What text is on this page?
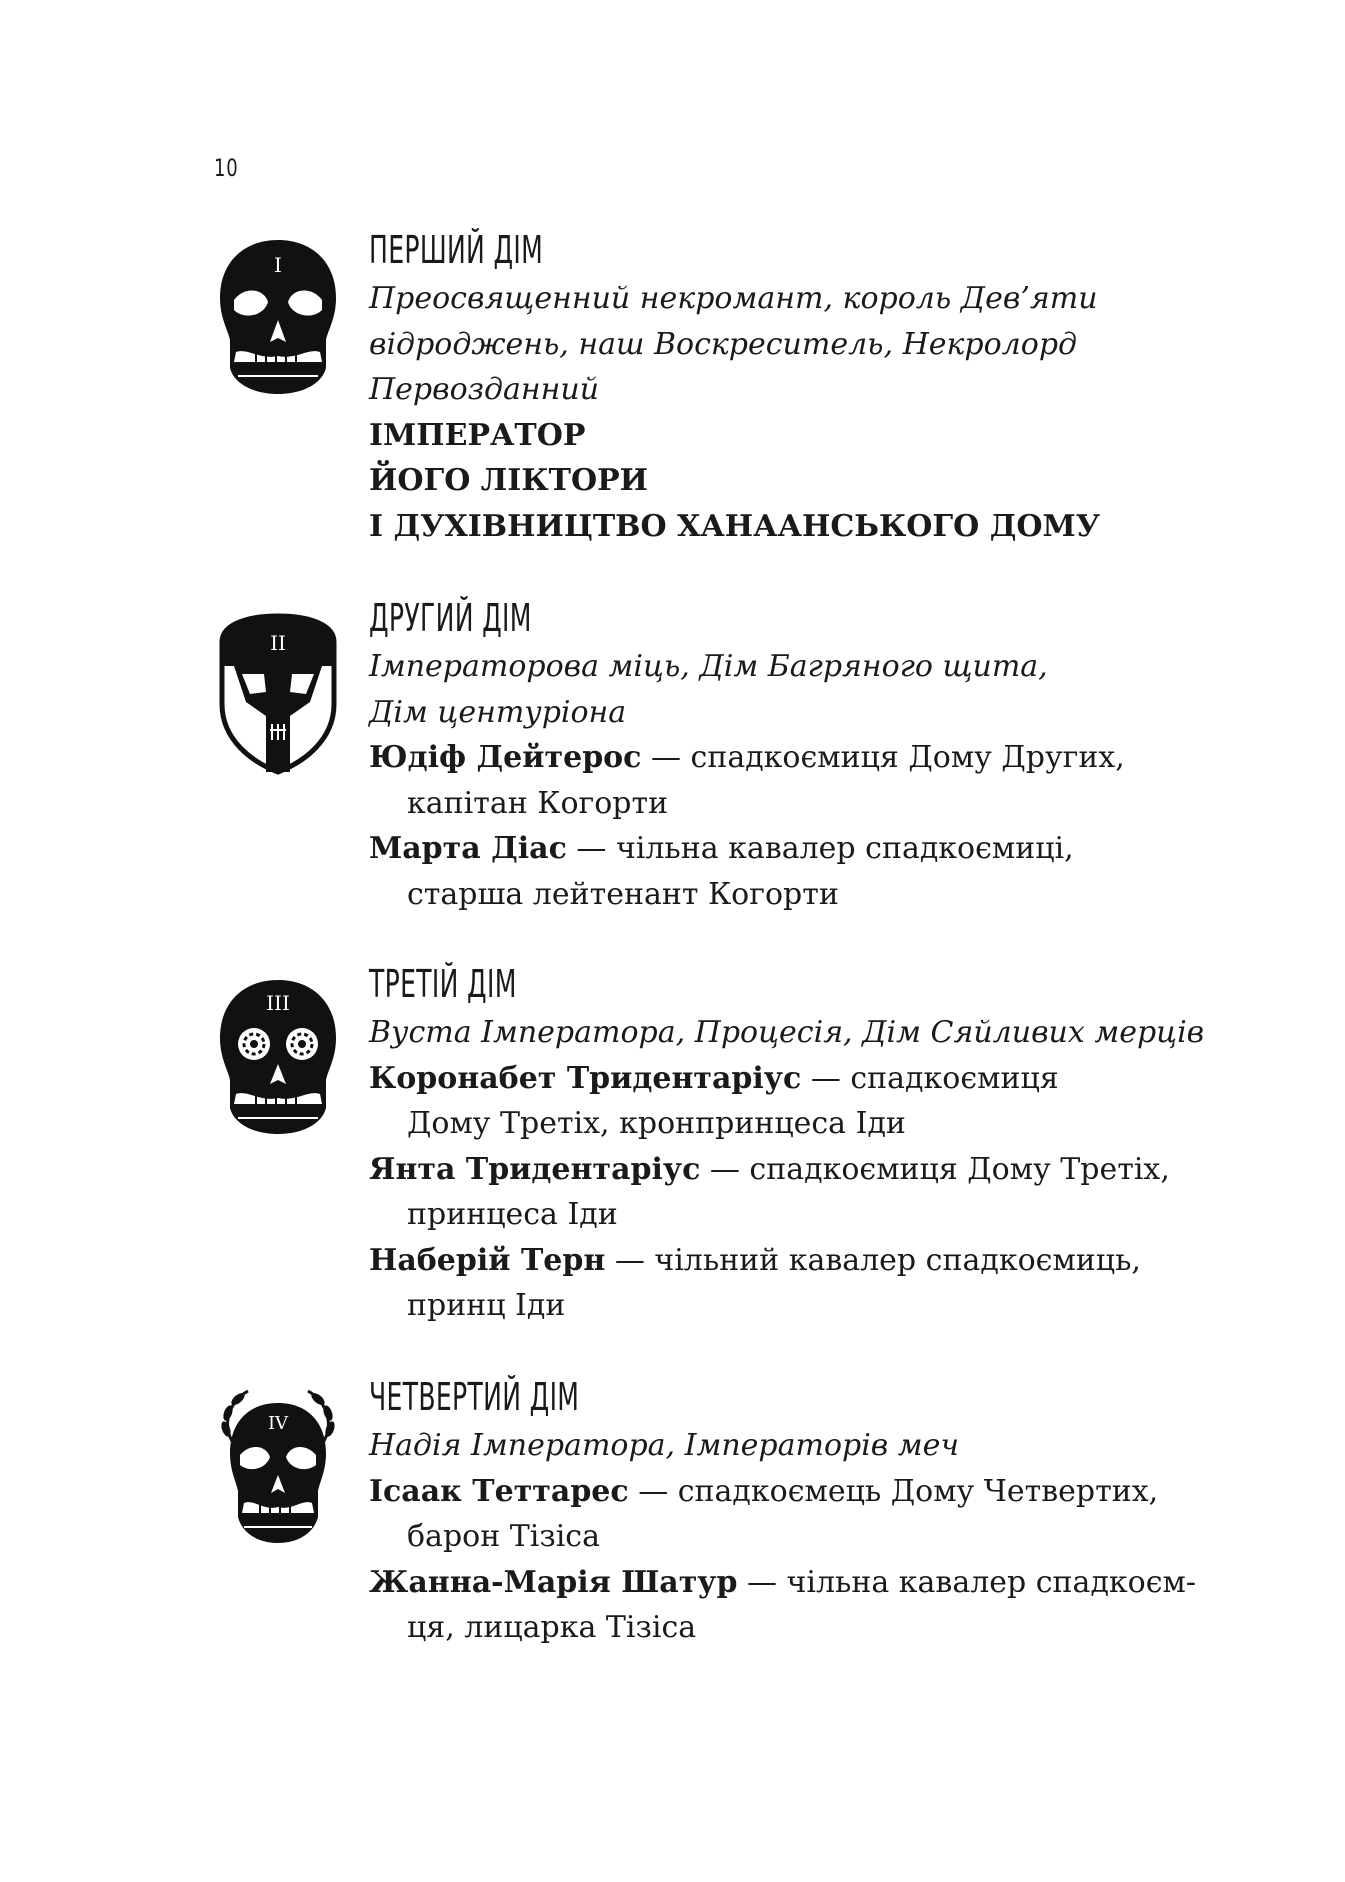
10
I ПЕРШИЙ ДІМ
Преосвященний некромант, король Дев’яти
відроджень, наш Воскреситель, Некролорд
Первозданний
ІМПЕРАТОР
ЙОГО ЛІКТОРИ
І ДУХІВНИЦТВО ХАНААНСЬКОГО ДОМУ
II
ДРУГИЙ ДІМ
Імператорова міць, Дім Багряного щита,
Дім центуріона
Юдіф Дейтерос — спадкоємиця Дому Других,
капітан Когорти
Марта Діас — чільна кавалер спадкоємиці,
старша лейтенант Когорти
III ТРЕТІЙ ДІМ
Вуста Імператора, Процесія, Дім Сяйливих мерців
Коронабет Тридентаріус — спадкоємиця
Дому Третіх, кронпринцеса Іди
Янта Тридентаріус — спадкоємиця Дому Третіх,
принцеса Іди
Наберій Терн — чільний кавалер спадкоємиць,
принц Іди
IV
ЧЕТВЕРТИЙ ДІМ
Надія Імператора, Імператорів меч
Ісаак Теттарес — спадкоємець Дому Четвертих,
барон Тізіса
Жанна-Марія Шатур — чільна кавалер спадкоєм-
ця, лицарка Тізіса
